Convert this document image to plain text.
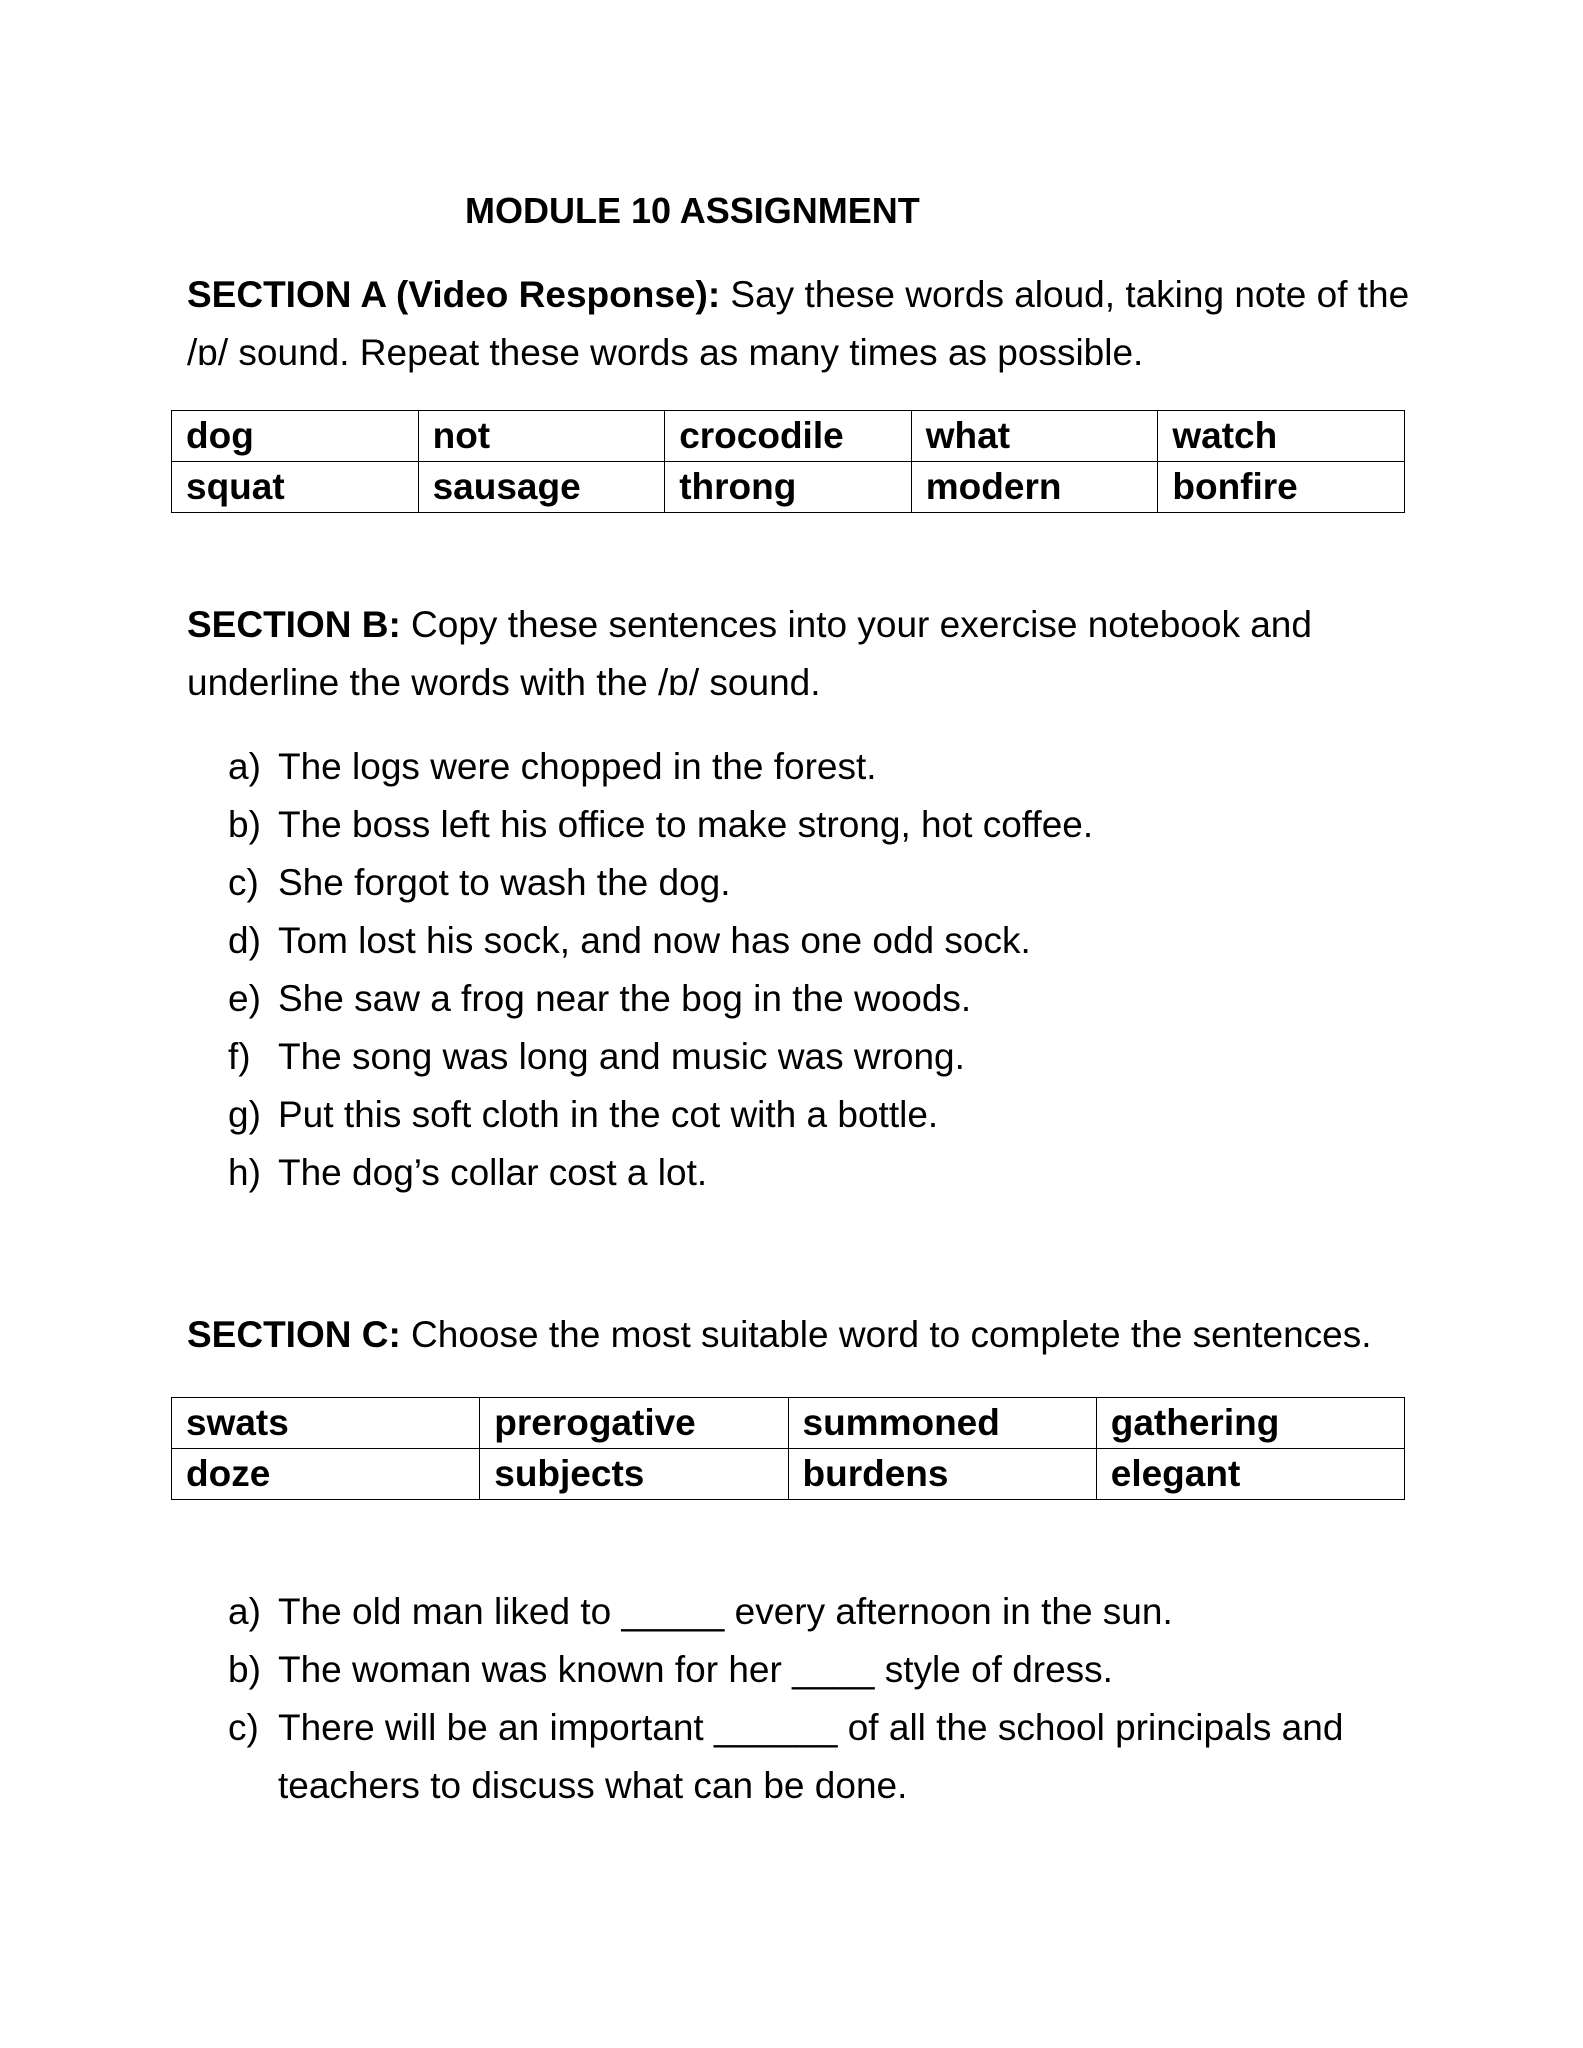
MODULE 10 ASSIGNMENT
SECTION A (Video Response): Say these words aloud, taking note of the
/ɒ/ sound. Repeat these words as many times as possible.
dog	not	crocodile	what	watch
squat	sausage	throng	modern	bonfire
SECTION B: Copy these sentences into your exercise notebook and
underline the words with the /ɒ/ sound.
a) The logs were chopped in the forest.
b) The boss left his office to make strong, hot coffee.
c) She forgot to wash the dog.
d) Tom lost his sock, and now has one odd sock.
e) She saw a frog near the bog in the woods.
f) The song was long and music was wrong.
g) Put this soft cloth in the cot with a bottle.
h) The dog’s collar cost a lot.
SECTION C: Choose the most suitable word to complete the sentences.
swats	prerogative	summoned	gathering
doze	subjects	burdens	elegant
a) The old man liked to _____ every afternoon in the sun.
b) The woman was known for her ____ style of dress.
c) There will be an important ______ of all the school principals and teachers to discuss what can be done.
